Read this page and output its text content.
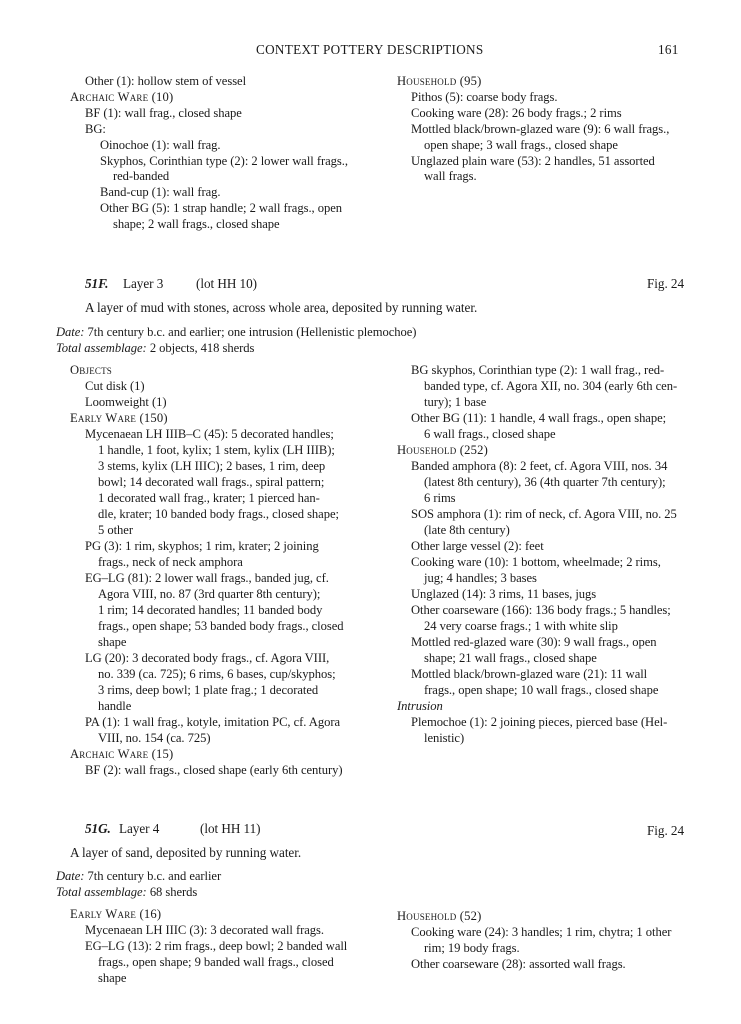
CONTEXT POTTERY DESCRIPTIONS	161
Other (1): hollow stem of vessel
Archaic Ware (10)
BF (1): wall frag., closed shape
BG:
Oinochoe (1): wall frag.
Skyphos, Corinthian type (2): 2 lower wall frags.,
red-banded
Band-cup (1): wall frag.
Other BG (5): 1 strap handle; 2 wall frags., open
shape; 2 wall frags., closed shape
Household (95)
Pithos (5): coarse body frags.
Cooking ware (28): 26 body frags.; 2 rims
Mottled black/brown-glazed ware (9): 6 wall frags.,
open shape; 3 wall frags., closed shape
Unglazed plain ware (53): 2 handles, 51 assorted
wall frags.
51F. Layer 3 (lot HH 10)	Fig. 24
A layer of mud with stones, across whole area, deposited by running water.
Date: 7th century b.c. and earlier; one intrusion (Hellenistic plemochoe)
Total assemblage: 2 objects, 418 sherds
Objects
Cut disk (1)
Loomweight (1)
Early Ware (150)
Mycenaean LH IIIB–C (45): 5 decorated handles;
1 handle, 1 foot, kylix; 1 stem, kylix (LH IIIB);
3 stems, kylix (LH IIIC); 2 bases, 1 rim, deep
bowl; 14 decorated wall frags., spiral pattern;
1 decorated wall frag., krater; 1 pierced han-
dle, krater; 10 banded body frags., closed shape;
5 other
PG (3): 1 rim, skyphos; 1 rim, krater; 2 joining
frags., neck of neck amphora
EG–LG (81): 2 lower wall frags., banded jug, cf.
Agora VIII, no. 87 (3rd quarter 8th century);
1 rim; 14 decorated handles; 11 banded body
frags., open shape; 53 banded body frags., closed
shape
LG (20): 3 decorated body frags., cf. Agora VIII,
no. 339 (ca. 725); 6 rims, 6 bases, cup/skyphos;
3 rims, deep bowl; 1 plate frag.; 1 decorated
handle
PA (1): 1 wall frag., kotyle, imitation PC, cf. Agora
VIII, no. 154 (ca. 725)
Archaic Ware (15)
BF (2): wall frags., closed shape (early 6th century)
BG skyphos, Corinthian type (2): 1 wall frag., red-
banded type, cf. Agora XII, no. 304 (early 6th cen-
tury); 1 base
Other BG (11): 1 handle, 4 wall frags., open shape;
6 wall frags., closed shape
Household (252)
Banded amphora (8): 2 feet, cf. Agora VIII, nos. 34
(latest 8th century), 36 (4th quarter 7th century);
6 rims
SOS amphora (1): rim of neck, cf. Agora VIII, no. 25
(late 8th century)
Other large vessel (2): feet
Cooking ware (10): 1 bottom, wheelmade; 2 rims,
jug; 4 handles; 3 bases
Unglazed (14): 3 rims, 11 bases, jugs
Other coarseware (166): 136 body frags.; 5 handles;
24 very coarse frags.; 1 with white slip
Mottled red-glazed ware (30): 9 wall frags., open
shape; 21 wall frags., closed shape
Mottled black/brown-glazed ware (21): 11 wall
frags., open shape; 10 wall frags., closed shape
Intrusion
Plemochoe (1): 2 joining pieces, pierced base (Hel-
lenistic)
51G. Layer 4	(lot HH 11)	Fig. 24
A layer of sand, deposited by running water.
Date: 7th century b.c. and earlier
Total assemblage: 68 sherds
Early Ware (16)
Mycenaean LH IIIC (3): 3 decorated wall frags.
EG–LG (13): 2 rim frags., deep bowl; 2 banded wall
frags., open shape; 9 banded wall frags., closed
shape
Household (52)
Cooking ware (24): 3 handles; 1 rim, chytra; 1 other
rim; 19 body frags.
Other coarseware (28): assorted wall frags.
